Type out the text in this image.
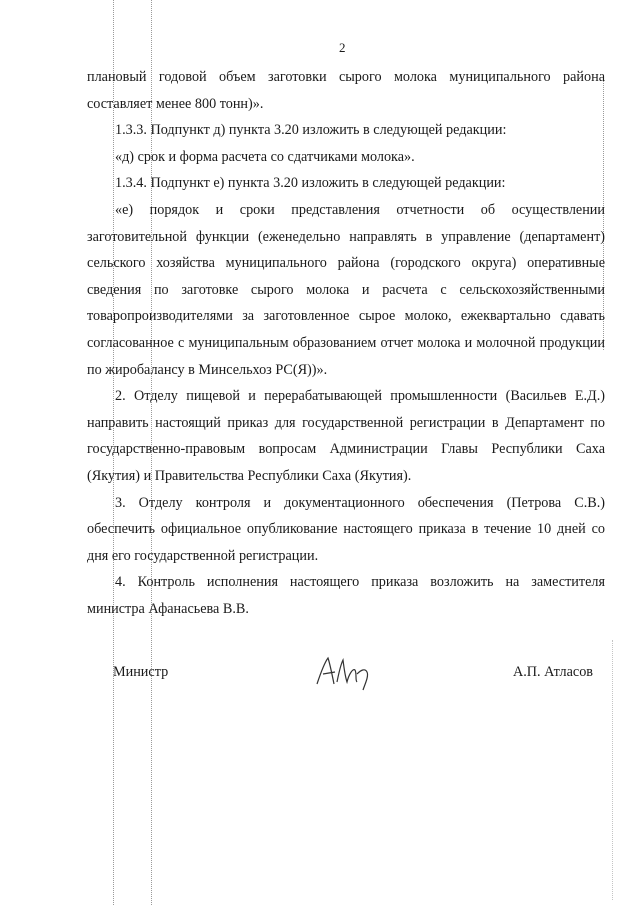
2

плановый годовой объем заготовки сырого молока муниципального района составляет менее 800 тонн)».

1.3.3. Подпункт д) пункта 3.20 изложить в следующей редакции:

«д) срок и форма расчета со сдатчиками молока».

1.3.4. Подпункт е) пункта 3.20 изложить в следующей редакции:

«е) порядок и сроки представления отчетности об осуществлении заготовительной функции (еженедельно направлять в управление (департамент) сельского хозяйства муниципального района (городского округа) оперативные сведения по заготовке сырого молока и расчета с сельскохозяйственными товаропроизводителями за заготовленное сырое молоко, ежеквартально сдавать согласованное с муниципальным образованием отчет молока и молочной продукции по жиробалансу в Минсельхоз РС(Я))».

2. Отделу пищевой и перерабатывающей промышленности (Васильев Е.Д.) направить настоящий приказ для государственной регистрации в Департамент по государственно-правовым вопросам Администрации Главы Республики Саха (Якутия) и Правительства Республики Саха (Якутия).

3. Отделу контроля и документационного обеспечения (Петрова С.В.) обеспечить официальное опубликование настоящего приказа в течение 10 дней со дня его государственной регистрации.

4. Контроль исполнения настоящего приказа возложить на заместителя министра Афанасьева В.В.

Министр	А.П. Атласов
